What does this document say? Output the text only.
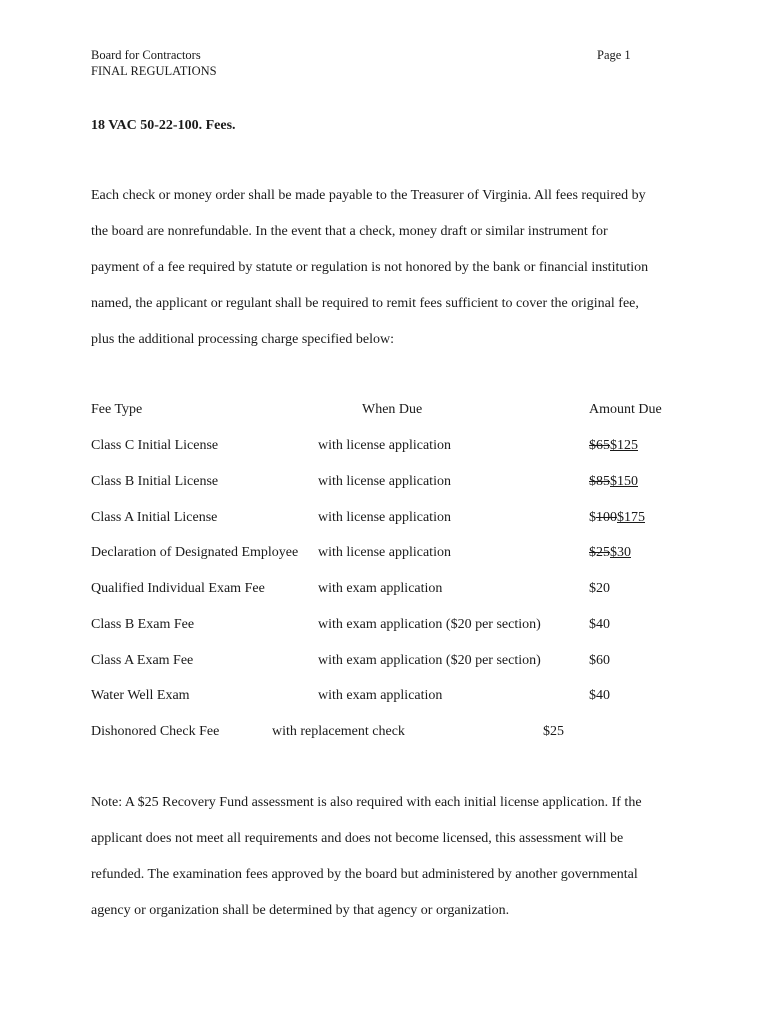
Board for Contractors
FINAL REGULATIONS
Page 1
18 VAC 50-22-100. Fees.
Each check or money order shall be made payable to the Treasurer of Virginia. All fees required by
the board are nonrefundable. In the event that a check, money draft or similar instrument for
payment of a fee required by statute or regulation is not honored by the bank or financial institution
named, the applicant or regulant shall be required to remit fees sufficient to cover the original fee,
plus the additional processing charge specified below:
Fee Type	When Due	Amount Due
Class C Initial License	with license application	$65$125
Class B Initial License	with license application	$85$150
Class A Initial License	with license application	$100$175
Declaration of Designated Employee with license application	$25$30
Qualified Individual Exam Fee	with exam application	$20
Class B Exam Fee	with exam application ($20 per section)	$40
Class A Exam Fee	with exam application ($20 per section)	$60
Water Well Exam	with exam application	$40
Dishonored Check Fee	with replacement check	$25
Note: A $25 Recovery Fund assessment is also required with each initial license application. If the
applicant does not meet all requirements and does not become licensed, this assessment will be
refunded. The examination fees approved by the board but administered by another governmental
agency or organization shall be determined by that agency or organization.
